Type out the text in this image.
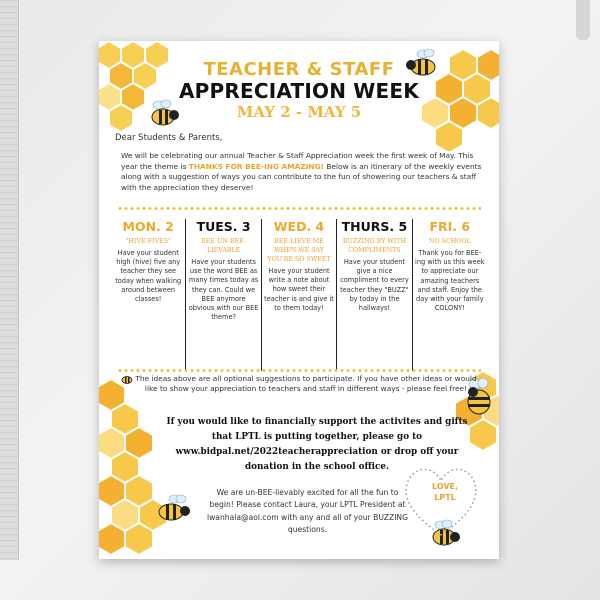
TEACHER & STAFF
APPRECIATION WEEK
MAY 2 - MAY 5
Dear Students & Parents,
We will be celebrating our annual Teacher & Staff Appreciation week the first week of May. This year the theme is THANKS FOR BEE-ING AMAZING! Below is an itinerary of the weekly events along with a suggestion of ways you can contribute to the fun of showering our teachers & staff with the appreciation they deserve!
MON. 2
"HIVE-FIVES"
Have your student high (hive) five any teacher they see today when walking around between classes!
TUES. 3
BEE UN-BEE-LIEVABLE
Have your students use the word BEE as many times today as they can. Could we BEE anymore obvious with our BEE theme?
WED. 4
BEE-LIEVE ME WHEN WE SAY YOU'RE SO SWEET
Have your student write a note about how sweet their teacher is and give it to them today!
THURS. 5
BUZZING BY WITH COMPLIMENTS
Have your student give a nice compliment to every teacher they "BUZZ" by today in the hallways!
FRI. 6
NO SCHOOL
Thank you for BEE-ing with us this week to appreciate our amazing teachers and staff. Enjoy the day with your family COLONY!
The ideas above are all optional suggestions to participate. If you have other ideas or would like to show your appreciation to teachers and staff in different ways - please feel free!
If you would like to financially support the activites and gifts that LPTL is putting together, please go to www.bidpal.net/2022teacherappreciation or drop off your donation in the school office.
We are un-BEE-lievably excited for all the fun to begin! Please contact Laura, your LPTL President at lwanhala@aol.com with any and all of your BUZZING questions.
LOVE,
LPTL
